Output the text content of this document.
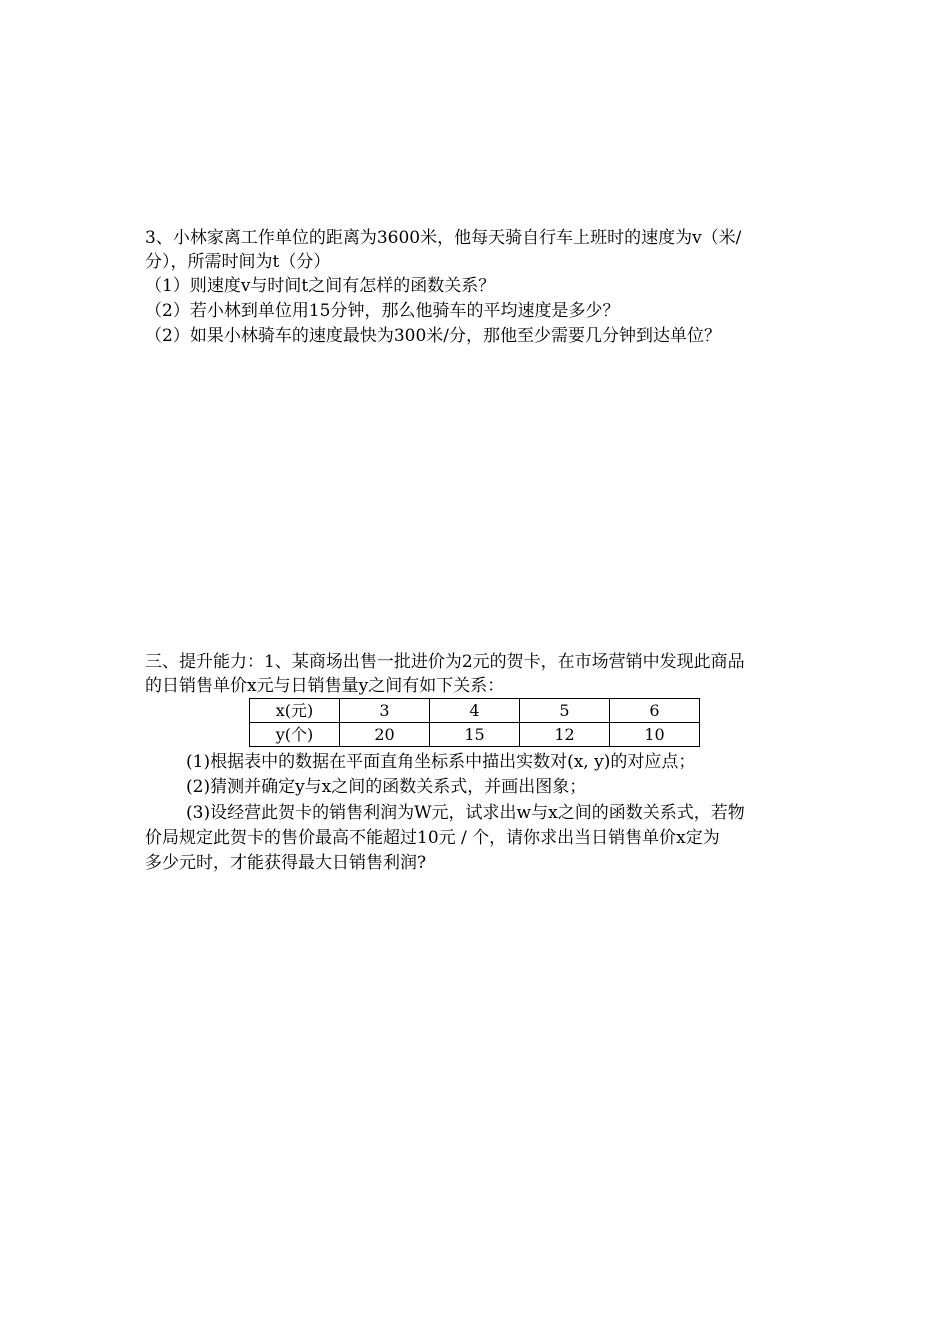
3、小林家离工作单位的距离为3600米，他每天骑自行车上班时的速度为v（米/
分），所需时间为t（分）
（1）则速度v与时间t之间有怎样的函数关系？
（2）若小林到单位用15分钟，那么他骑车的平均速度是多少？
（2）如果小林骑车的速度最快为300米/分，那他至少需要几分钟到达单位？
三、提升能力：1、某商场出售一批进价为2元的贺卡，在市场营销中发现此商品
的日销售单价x元与日销售量y之间有如下关系：
x(元)	3	4	5	6
y(个)	20	15	12	10
(1)根据表中的数据在平面直角坐标系中描出实数对(x, y)的对应点；
(2)猜测并确定y与x之间的函数关系式，并画出图象；
(3)设经营此贺卡的销售利润为W元，试求出w与x之间的函数关系式，若物
价局规定此贺卡的售价最高不能超过10元 / 个，请你求出当日销售单价x定为
多少元时，才能获得最大日销售利润?
